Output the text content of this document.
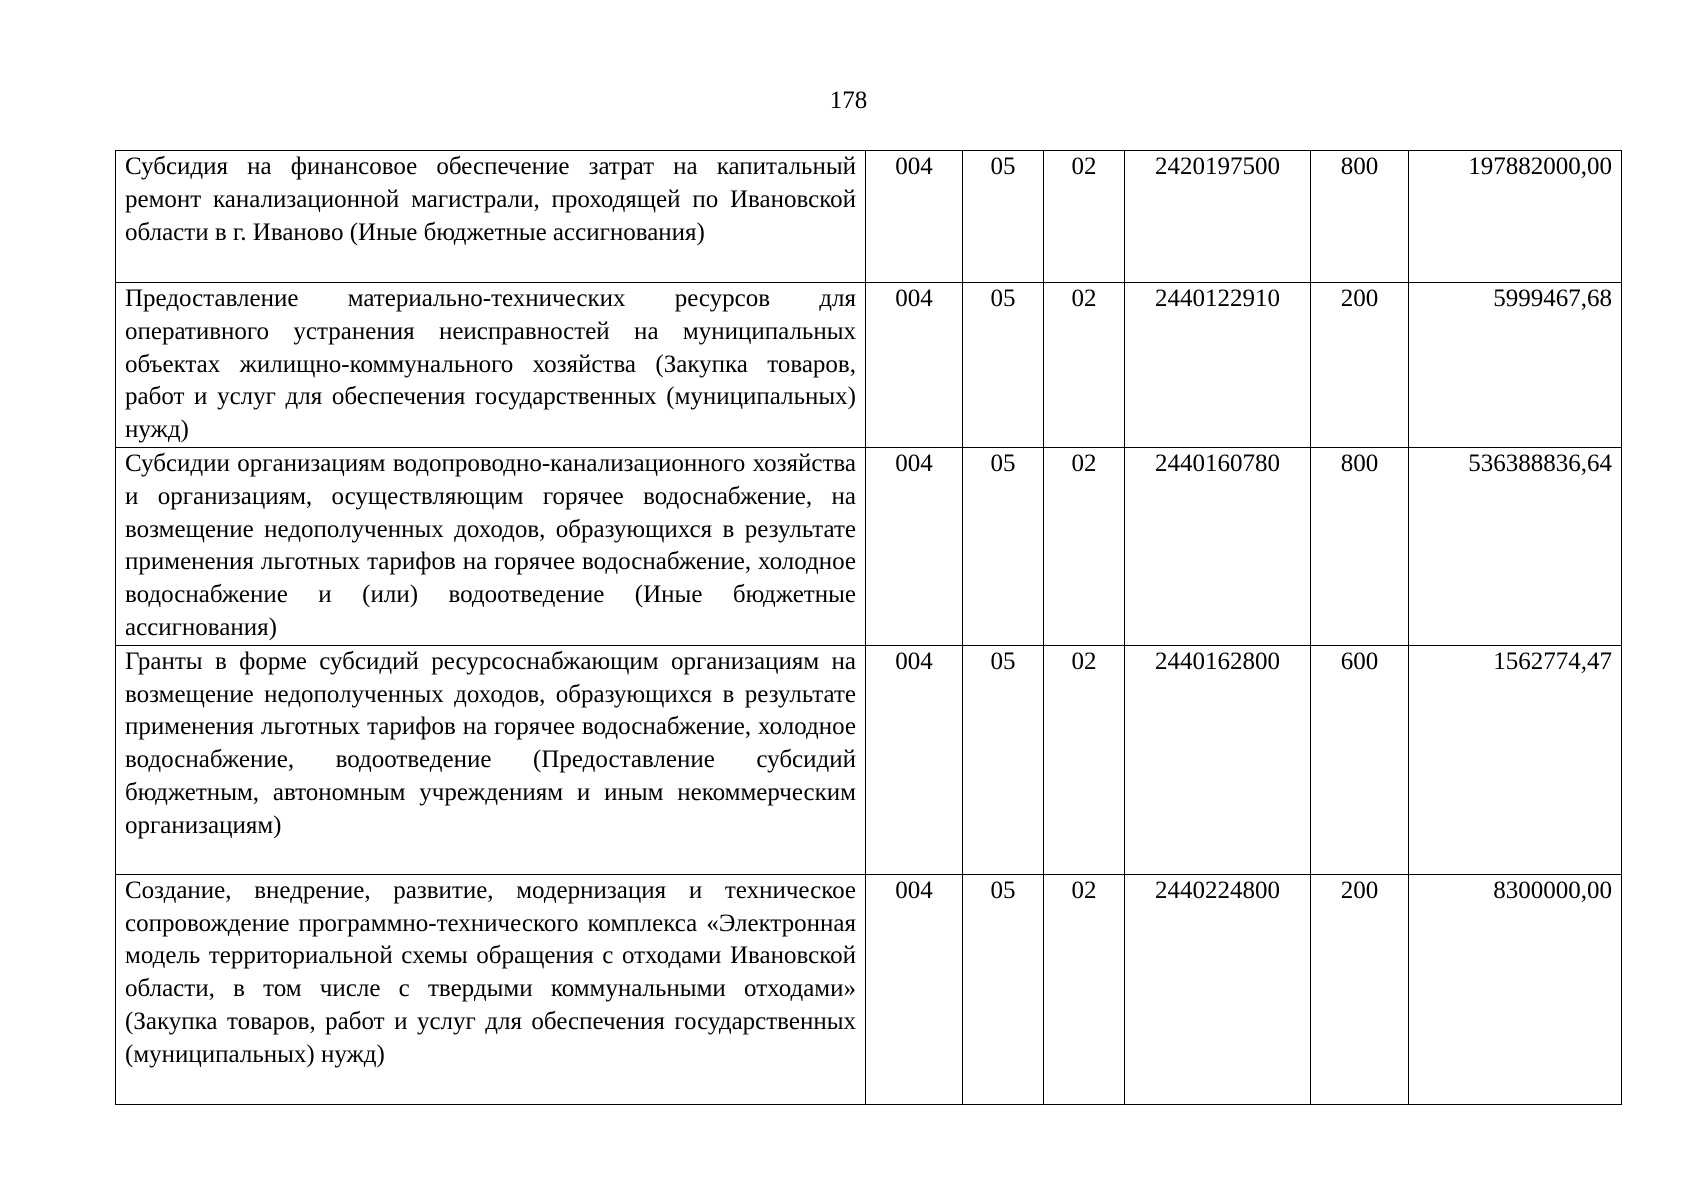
178
Субсидия на финансовое обеспечение затрат на капитальный ремонт канализационной магистрали, проходящей по Ивановской области в г. Иваново (Иные бюджетные ассигнования)	004	05	02	2420197500	800	197882000,00
Предоставление материально-технических ресурсов для оперативного устранения неисправностей на муниципальных объектах жилищно-коммунального хозяйства (Закупка товаров, работ и услуг для обеспечения государственных (муниципальных) нужд)	004	05	02	2440122910	200	5999467,68
Субсидии организациям водопроводно-канализационного хозяйства и организациям, осуществляющим горячее водоснабжение, на возмещение недополученных доходов, образующихся в результате применения льготных тарифов на горячее водоснабжение, холодное водоснабжение и (или) водоотведение (Иные бюджетные ассигнования)	004	05	02	2440160780	800	536388836,64
Гранты в форме субсидий ресурсоснабжающим организациям на возмещение недополученных доходов, образующихся в результате применения льготных тарифов на горячее водоснабжение, холодное водоснабжение, водоотведение (Предоставление субсидий бюджетным, автономным учреждениям и иным некоммерческим организациям)	004	05	02	2440162800	600	1562774,47
Создание, внедрение, развитие, модернизация и техническое сопровождение программно-технического комплекса «Электронная модель территориальной схемы обращения с отходами Ивановской области, в том числе с твердыми коммунальными отходами» (Закупка товаров, работ и услуг для обеспечения государственных (муниципальных) нужд)	004	05	02	2440224800	200	8300000,00
